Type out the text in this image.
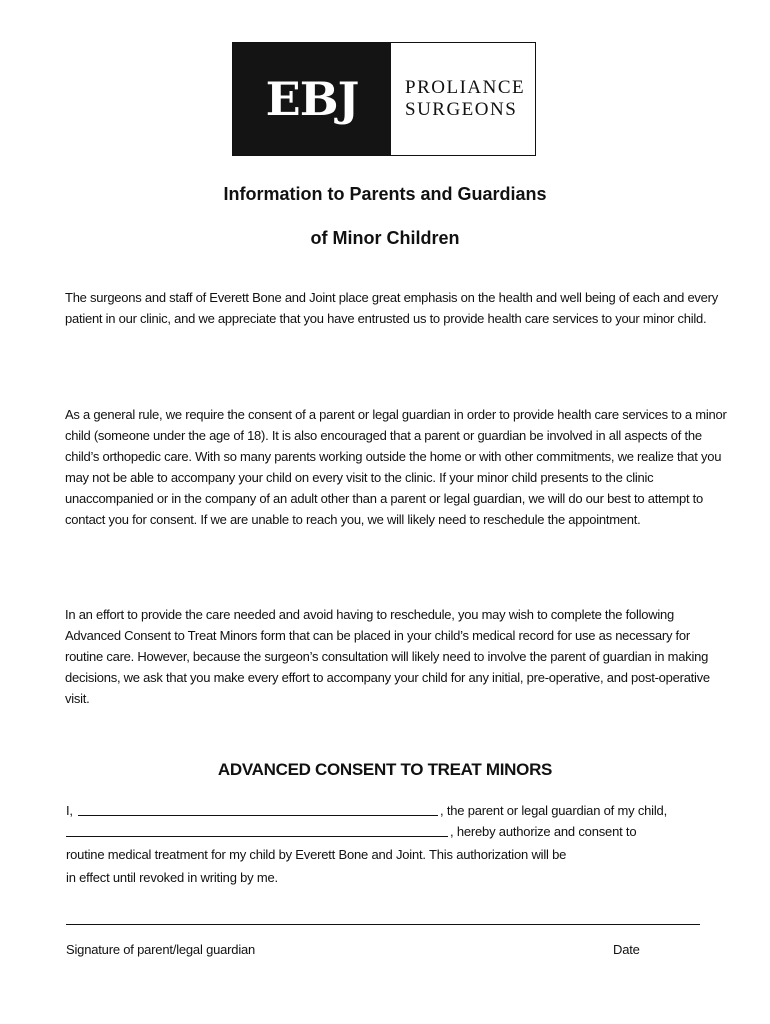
EBJ PROLIANCE
SURGEONS
Information to Parents and Guardians
of Minor Children

The surgeons and staff of Everett Bone and Joint place great emphasis on the health and well being of each and every patient in our clinic, and we appreciate that you have entrusted us to provide health care services to your minor child.

As a general rule, we require the consent of a parent or legal guardian in order to provide health care services to a minor child (someone under the age of 18). It is also encouraged that a parent or guardian be involved in all aspects of the child’s orthopedic care. With so many parents working outside the home or with other commitments, we realize that you may not be able to accompany your child on every visit to the clinic. If your minor child presents to the clinic unaccompanied or in the company of an adult other than a parent or legal guardian, we will do our best to attempt to contact you for consent. If we are unable to reach you, we will likely need to reschedule the appointment.

In an effort to provide the care needed and avoid having to reschedule, you may wish to complete the following Advanced Consent to Treat Minors form that can be placed in your child’s medical record for use as necessary for routine care. However, because the surgeon’s consultation will likely need to involve the parent of guardian in making decisions, we ask that you make every effort to accompany your child for any initial, pre-operative, and post-operative visit.

ADVANCED CONSENT TO TREAT MINORS
I,	, the parent or legal guardian of my child,
, hereby authorize and consent to
routine medical treatment for my child by Everett Bone and Joint. This authorization will be
in effect until revoked in writing by me.
Signature of parent/legal guardian	Date
